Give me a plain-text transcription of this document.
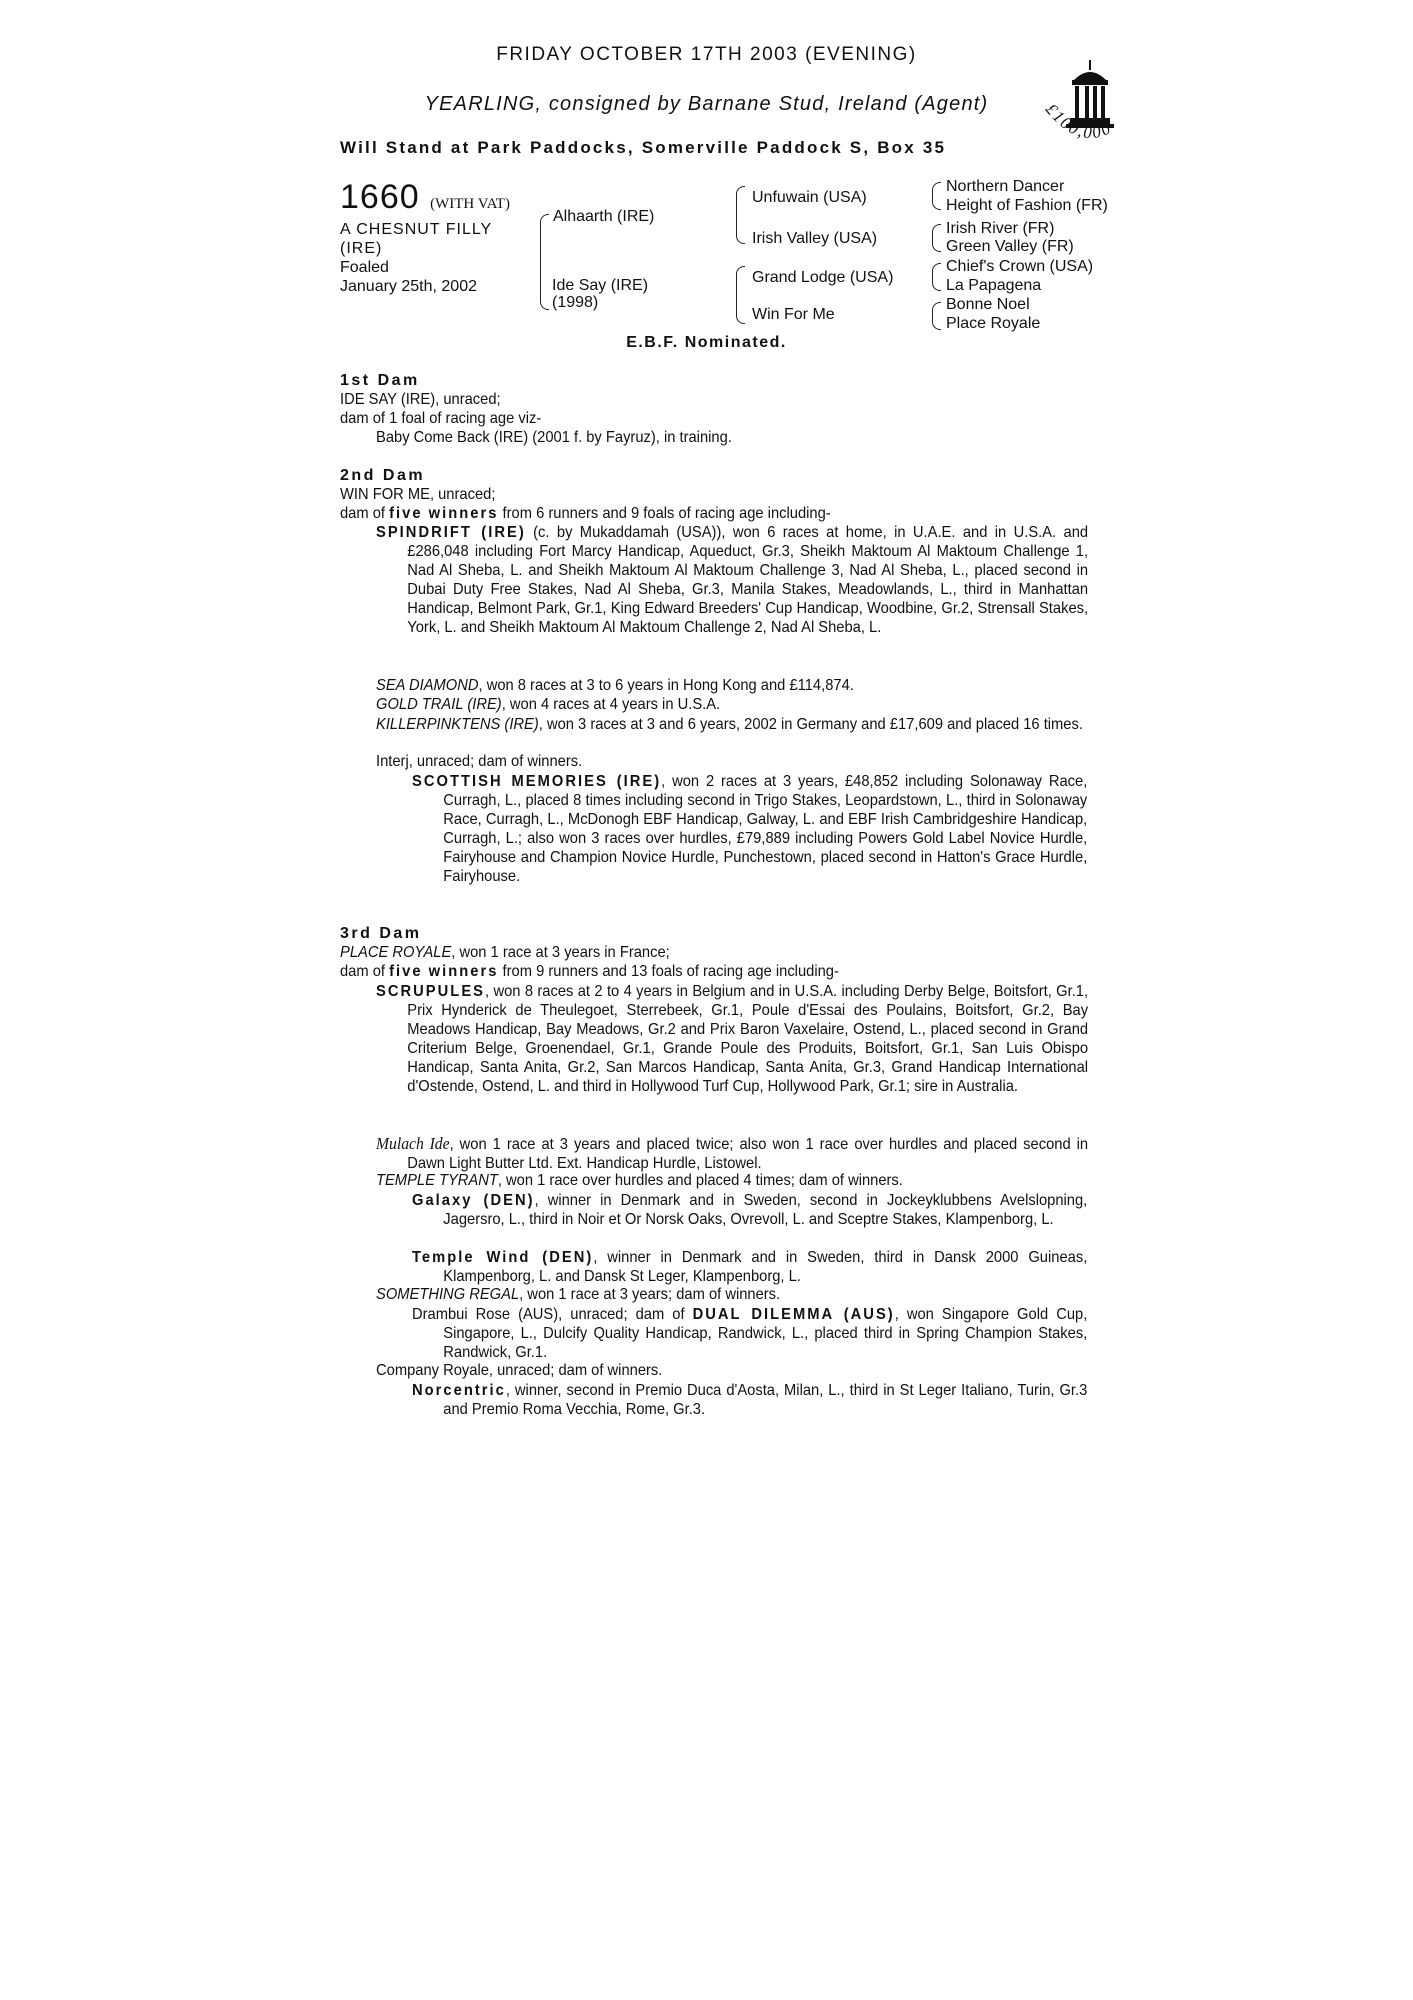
FRIDAY OCTOBER 17TH 2003 (EVENING)
YEARLING, consigned by Barnane Stud, Ireland (Agent)
Will Stand at Park Paddocks, Somerville Paddock S, Box 35
£100,000
1660 (WITH VAT)
A CHESNUT FILLY
(IRE)
Foaled
January 25th, 2002
Alhaarth (IRE)
Ide Say (IRE)
(1998)
Unfuwain (USA)
Irish Valley (USA)
Grand Lodge (USA)
Win For Me
Northern Dancer
Height of Fashion (FR)
Irish River (FR)
Green Valley (FR)
Chief's Crown (USA)
La Papagena
Bonne Noel
Place Royale
E.B.F. Nominated.
1st Dam
IDE SAY (IRE), unraced;
dam of 1 foal of racing age viz-
Baby Come Back (IRE) (2001 f. by Fayruz), in training.
2nd Dam
WIN FOR ME, unraced;
dam of five winners from 6 runners and 9 foals of racing age including-
SPINDRIFT (IRE) (c. by Mukaddamah (USA)), won 6 races at home, in U.A.E. and in U.S.A. and £286,048 including Fort Marcy Handicap, Aqueduct, Gr.3, Sheikh Maktoum Al Maktoum Challenge 1, Nad Al Sheba, L. and Sheikh Maktoum Al Maktoum Challenge 3, Nad Al Sheba, L., placed second in Dubai Duty Free Stakes, Nad Al Sheba, Gr.3, Manila Stakes, Meadowlands, L., third in Manhattan Handicap, Belmont Park, Gr.1, King Edward Breeders' Cup Handicap, Woodbine, Gr.2, Strensall Stakes, York, L. and Sheikh Maktoum Al Maktoum Challenge 2, Nad Al Sheba, L.
SEA DIAMOND, won 8 races at 3 to 6 years in Hong Kong and £114,874.
GOLD TRAIL (IRE), won 4 races at 4 years in U.S.A.
KILLERPINKTENS (IRE), won 3 races at 3 and 6 years, 2002 in Germany and £17,609 and placed 16 times.
Interj, unraced; dam of winners.
SCOTTISH MEMORIES (IRE), won 2 races at 3 years, £48,852 including Solonaway Race, Curragh, L., placed 8 times including second in Trigo Stakes, Leopardstown, L., third in Solonaway Race, Curragh, L., McDonogh EBF Handicap, Galway, L. and EBF Irish Cambridgeshire Handicap, Curragh, L.; also won 3 races over hurdles, £79,889 including Powers Gold Label Novice Hurdle, Fairyhouse and Champion Novice Hurdle, Punchestown, placed second in Hatton's Grace Hurdle, Fairyhouse.
3rd Dam
PLACE ROYALE, won 1 race at 3 years in France;
dam of five winners from 9 runners and 13 foals of racing age including-
SCRUPULES, won 8 races at 2 to 4 years in Belgium and in U.S.A. including Derby Belge, Boitsfort, Gr.1, Prix Hynderick de Theulegoet, Sterrebeek, Gr.1, Poule d'Essai des Poulains, Boitsfort, Gr.2, Bay Meadows Handicap, Bay Meadows, Gr.2 and Prix Baron Vaxelaire, Ostend, L., placed second in Grand Criterium Belge, Groenendael, Gr.1, Grande Poule des Produits, Boitsfort, Gr.1, San Luis Obispo Handicap, Santa Anita, Gr.2, San Marcos Handicap, Santa Anita, Gr.3, Grand Handicap International d'Ostende, Ostend, L. and third in Hollywood Turf Cup, Hollywood Park, Gr.1; sire in Australia.
Mulach Ide, won 1 race at 3 years and placed twice; also won 1 race over hurdles and placed second in Dawn Light Butter Ltd. Ext. Handicap Hurdle, Listowel.
TEMPLE TYRANT, won 1 race over hurdles and placed 4 times; dam of winners.
Galaxy (DEN), winner in Denmark and in Sweden, second in Jockeyklubbens Avelslopning, Jagersro, L., third in Noir et Or Norsk Oaks, Ovrevoll, L. and Sceptre Stakes, Klampenborg, L.
Temple Wind (DEN), winner in Denmark and in Sweden, third in Dansk 2000 Guineas, Klampenborg, L. and Dansk St Leger, Klampenborg, L.
SOMETHING REGAL, won 1 race at 3 years; dam of winners.
Drambui Rose (AUS), unraced; dam of DUAL DILEMMA (AUS), won Singapore Gold Cup, Singapore, L., Dulcify Quality Handicap, Randwick, L., placed third in Spring Champion Stakes, Randwick, Gr.1.
Company Royale, unraced; dam of winners.
Norcentric, winner, second in Premio Duca d'Aosta, Milan, L., third in St Leger Italiano, Turin, Gr.3 and Premio Roma Vecchia, Rome, Gr.3.
